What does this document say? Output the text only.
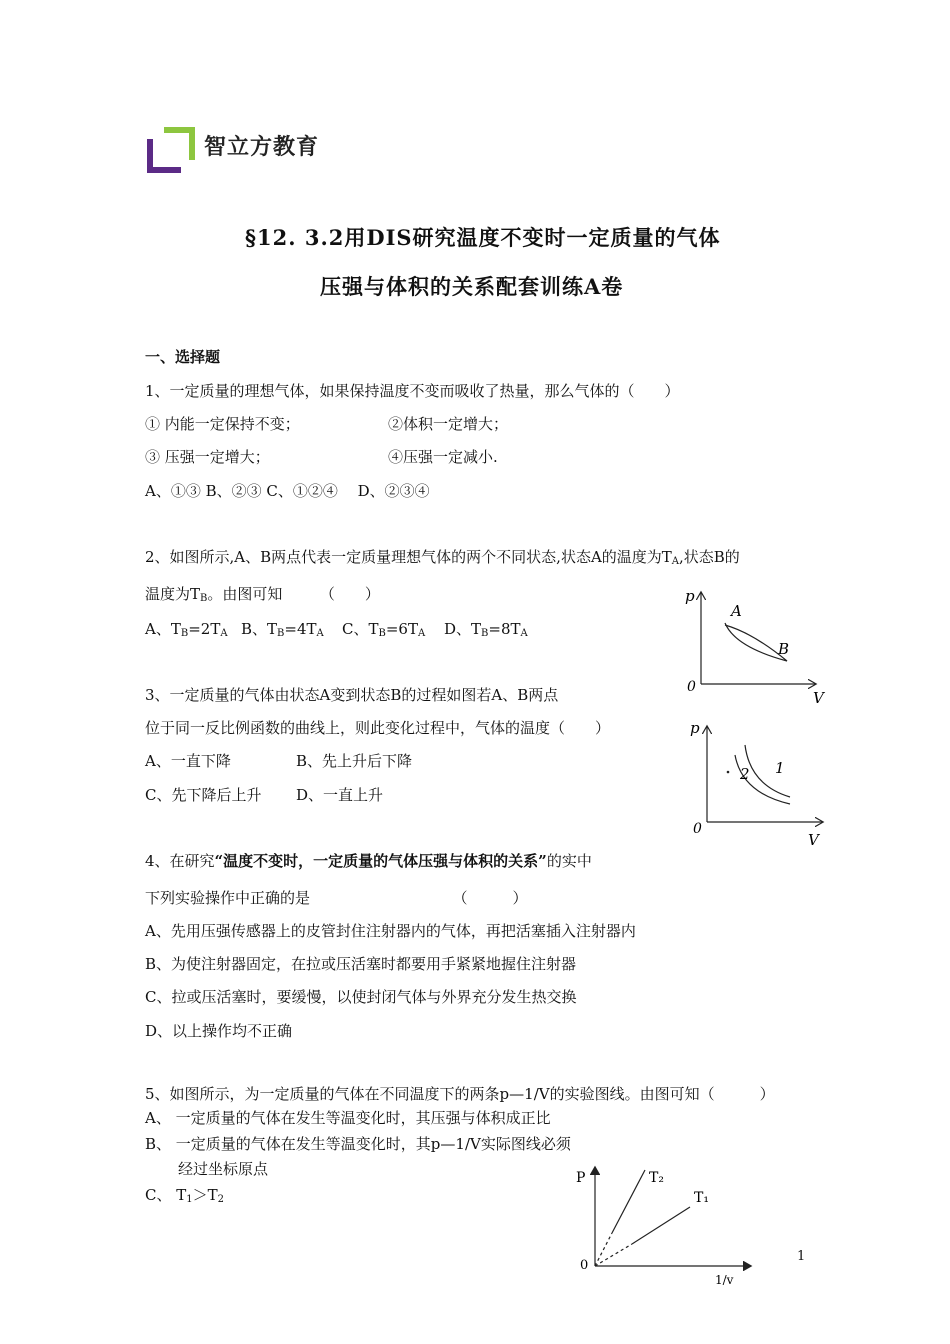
智立方教育
§12. 3.2用DIS研究温度不变时一定质量的气体
压强与体积的关系配套训练A卷
一、选择题
1、一定质量的理想气体，如果保持温度不变而吸收了热量，那么气体的（　　）
① 内能一定保持不变；	②体积一定增大；
③ 压强一定增大；	④压强一定减小.
A、①③ B、②③ C、①②④　 D、②③④
2、如图所示,A、B两点代表一定质量理想气体的两个不同状态,状态A的温度为$T_A$,状态B的
温度为$T_B$。由图可知　　　（　　）
A、$T_B=2T_A$ B、$T_B=4T_A$ C、$T_B=6T_A$ D、$T_B=8T_A$
p
V
0
A
B
3、一定质量的气体由状态A变到状态B的过程如图若A、B两点
位于同一反比例函数的曲线上，则此变化过程中，气体的温度（　　）
A、一直下降	B、先上升后下降
C、先下降后上升 D、一直上升
p
V
0
1
2
4、在研究“温度不变时，一定质量的气体压强与体积的关系”的实中
下列实验操作中正确的是　　　　　　　　　　（　　　）
A、先用压强传感器上的皮管封住注射器内的气体，再把活塞插入注射器内
B、为使注射器固定，在拉或压活塞时都要用手紧紧地握住注射器
C、拉或压活塞时，要缓慢，以使封闭气体与外界充分发生热交换
D、以上操作均不正确
5、如图所示，为一定质量的气体在不同温度下的两条p—1/V的实验图线。由图可知（　　　）
A、 一定质量的气体在发生等温变化时，其压强与体积成正比
B、 一定质量的气体在发生等温变化时，其p—1/V实际图线必须
经过坐标原点
C、 $T_1>T_2$
P
1/v
0
T₂
T₁
1
